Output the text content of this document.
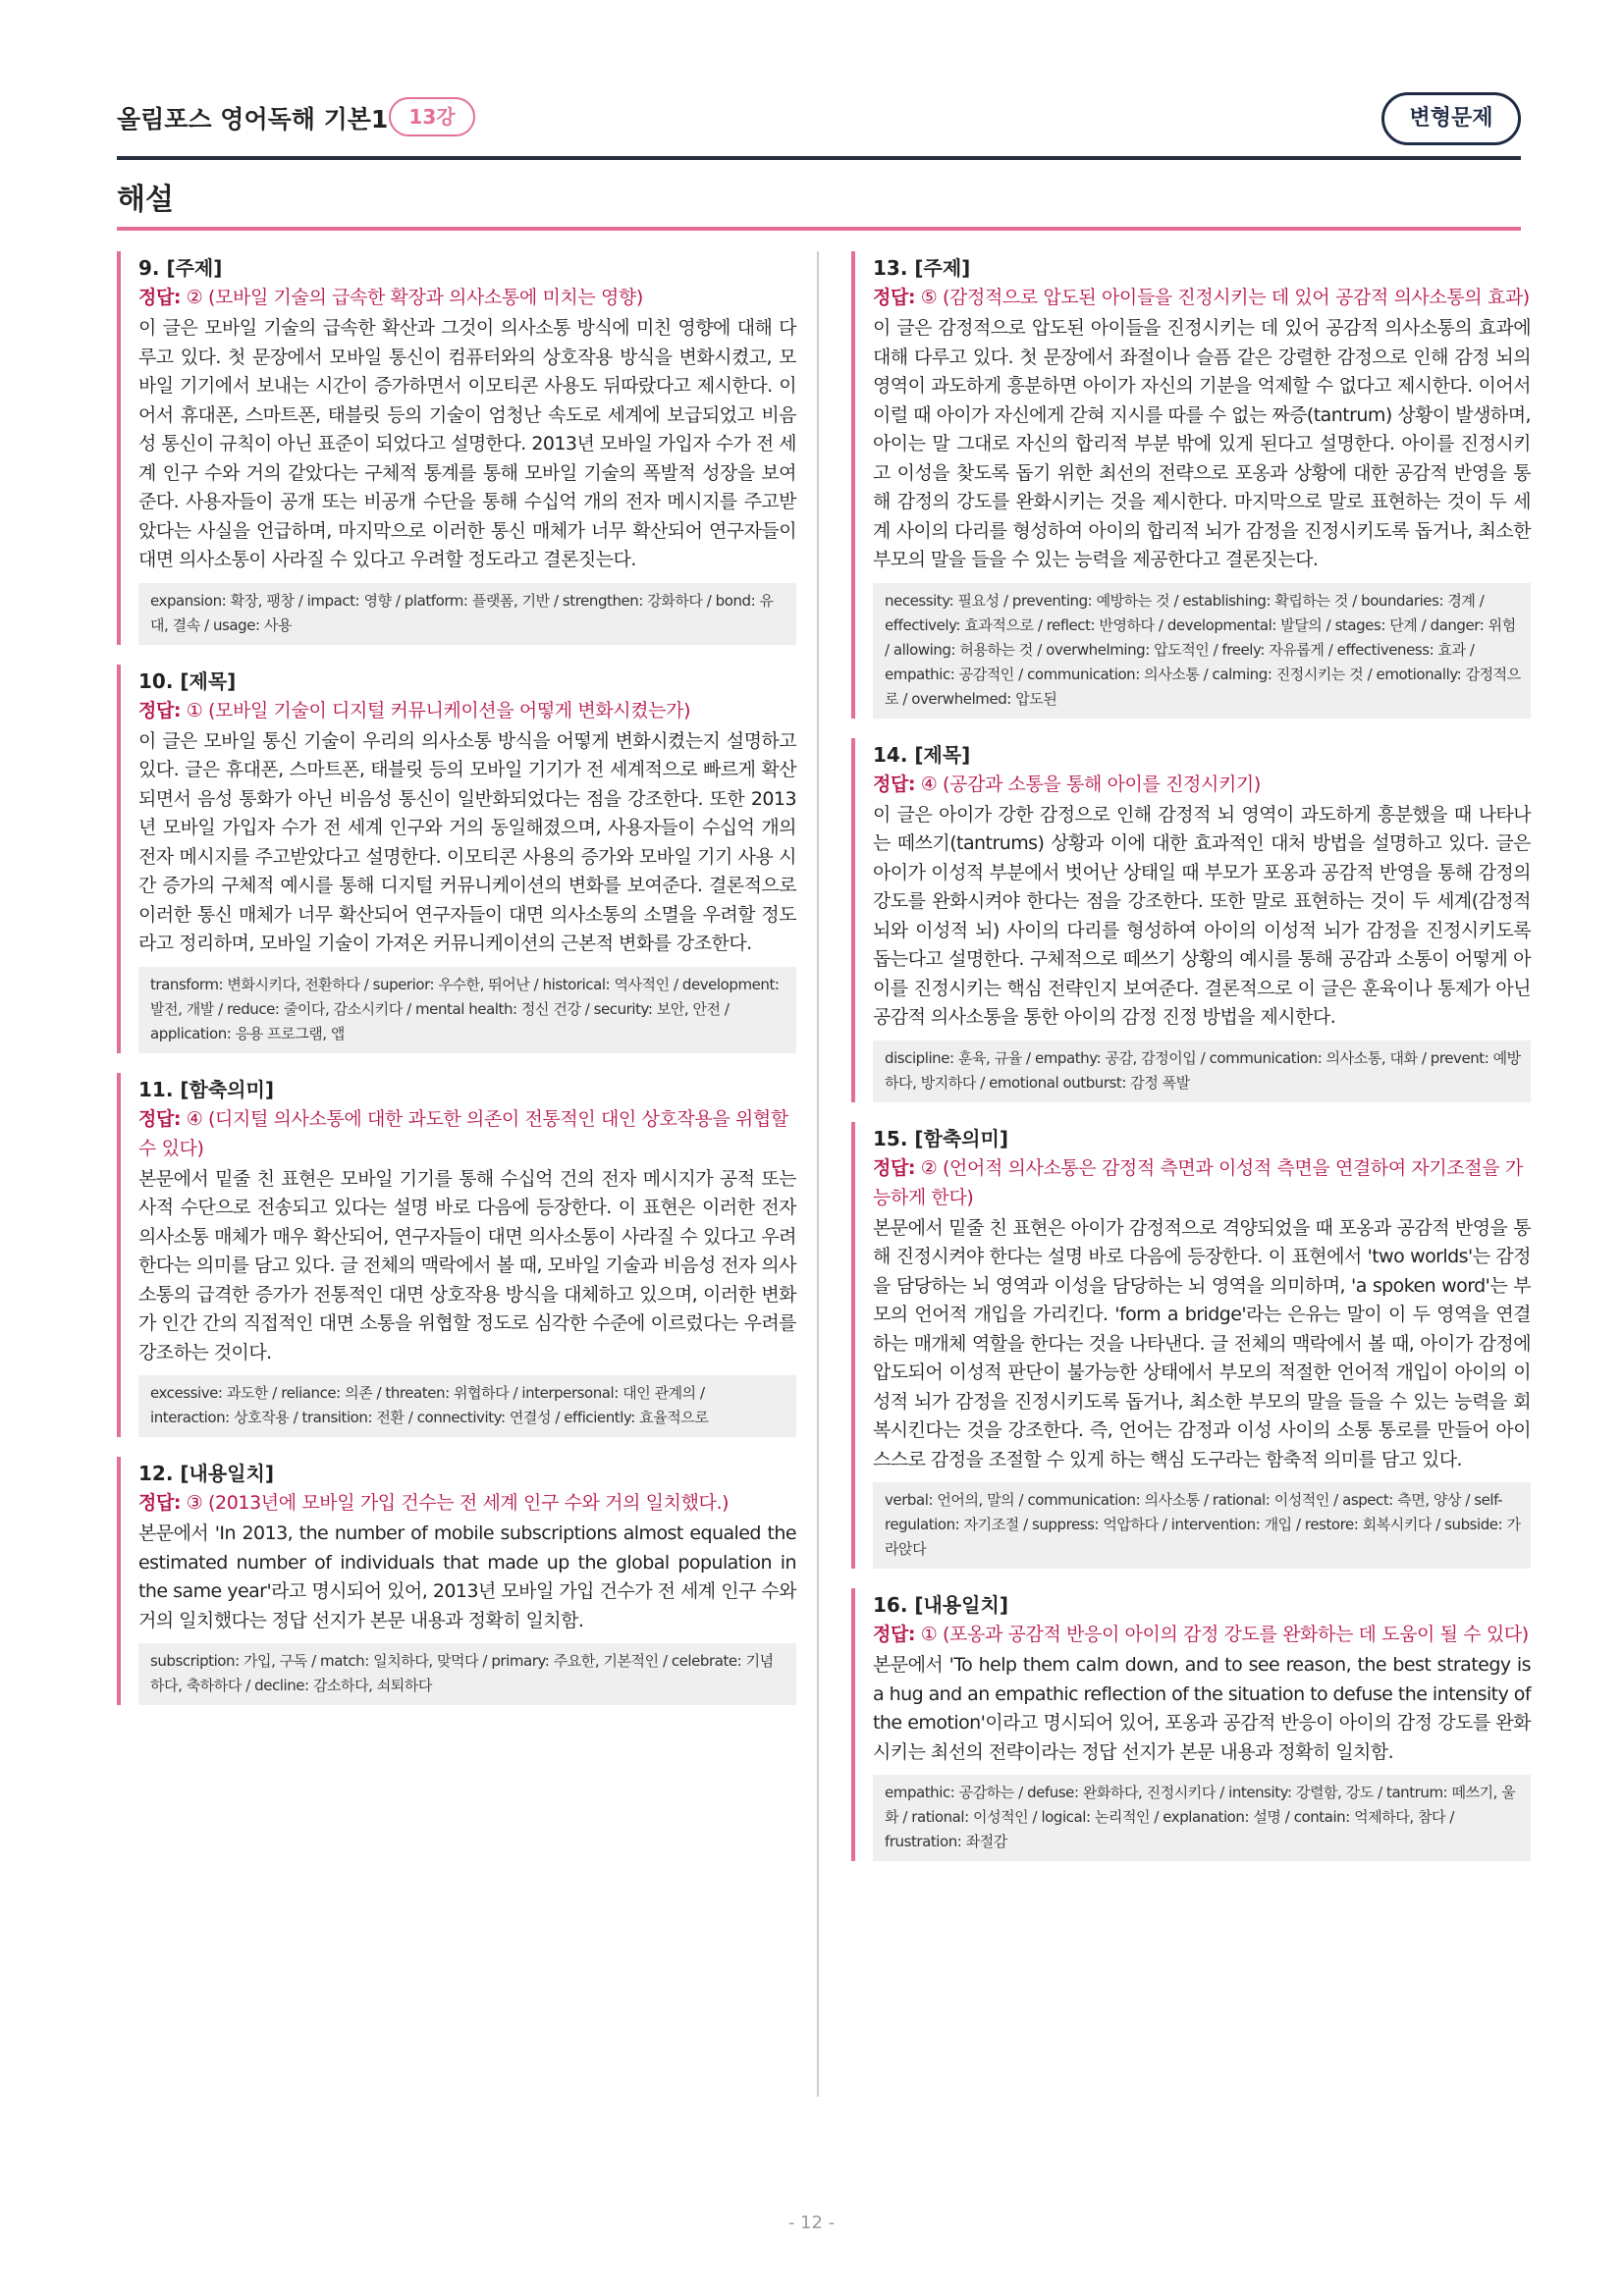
올림포스 영어독해 기본1	13강	변형문제
해설
9. [주제]
정답: ② (모바일 기술의 급속한 확장과 의사소통에 미치는 영향)
이 글은 모바일 기술의 급속한 확산과 그것이 의사소통 방식에 미친 영향에 대해 다루고 있다. 첫 문장에서 모바일 통신이 컴퓨터와의 상호작용 방식을 변화시켰고, 모바일 기기에서 보내는 시간이 증가하면서 이모티콘 사용도 뒤따랐다고 제시한다. 이어서 휴대폰, 스마트폰, 태블릿 등의 기술이 엄청난 속도로 세계에 보급되었고 비음성 통신이 규칙이 아닌 표준이 되었다고 설명한다. 2013년 모바일 가입자 수가 전 세계 인구 수와 거의 같았다는 구체적 통계를 통해 모바일 기술의 폭발적 성장을 보여준다. 사용자들이 공개 또는 비공개 수단을 통해 수십억 개의 전자 메시지를 주고받았다는 사실을 언급하며, 마지막으로 이러한 통신 매체가 너무 확산되어 연구자들이 대면 의사소통이 사라질 수 있다고 우려할 정도라고 결론짓는다.
expansion: 확장, 팽창 / impact: 영향 / platform: 플랫폼, 기반 / strengthen: 강화하다 / bond: 유대, 결속 / usage: 사용
10. [제목]
정답: ① (모바일 기술이 디지털 커뮤니케이션을 어떻게 변화시켰는가)
이 글은 모바일 통신 기술이 우리의 의사소통 방식을 어떻게 변화시켰는지 설명하고 있다. 글은 휴대폰, 스마트폰, 태블릿 등의 모바일 기기가 전 세계적으로 빠르게 확산되면서 음성 통화가 아닌 비음성 통신이 일반화되었다는 점을 강조한다. 또한 2013년 모바일 가입자 수가 전 세계 인구와 거의 동일해졌으며, 사용자들이 수십억 개의 전자 메시지를 주고받았다고 설명한다. 이모티콘 사용의 증가와 모바일 기기 사용 시간 증가의 구체적 예시를 통해 디지털 커뮤니케이션의 변화를 보여준다. 결론적으로 이러한 통신 매체가 너무 확산되어 연구자들이 대면 의사소통의 소멸을 우려할 정도라고 정리하며, 모바일 기술이 가져온 커뮤니케이션의 근본적 변화를 강조한다.
transform: 변화시키다, 전환하다 / superior: 우수한, 뛰어난 / historical: 역사적인 / development: 발전, 개발 / reduce: 줄이다, 감소시키다 / mental health: 정신 건강 / security: 보안, 안전 / application: 응용 프로그램, 앱
11. [함축의미]
정답: ④ (디지털 의사소통에 대한 과도한 의존이 전통적인 대인 상호작용을 위협할 수 있다)
본문에서 밑줄 친 표현은 모바일 기기를 통해 수십억 건의 전자 메시지가 공적 또는 사적 수단으로 전송되고 있다는 설명 바로 다음에 등장한다. 이 표현은 이러한 전자 의사소통 매체가 매우 확산되어, 연구자들이 대면 의사소통이 사라질 수 있다고 우려한다는 의미를 담고 있다. 글 전체의 맥락에서 볼 때, 모바일 기술과 비음성 전자 의사소통의 급격한 증가가 전통적인 대면 상호작용 방식을 대체하고 있으며, 이러한 변화가 인간 간의 직접적인 대면 소통을 위협할 정도로 심각한 수준에 이르렀다는 우려를 강조하는 것이다.
excessive: 과도한 / reliance: 의존 / threaten: 위협하다 / interpersonal: 대인 관계의 / interaction: 상호작용 / transition: 전환 / connectivity: 연결성 / efficiently: 효율적으로
12. [내용일치]
정답: ③ (2013년에 모바일 가입 건수는 전 세계 인구 수와 거의 일치했다.)
본문에서 'In 2013, the number of mobile subscriptions almost equaled the estimated number of individuals that made up the global population in the same year'라고 명시되어 있어, 2013년 모바일 가입 건수가 전 세계 인구 수와 거의 일치했다는 정답 선지가 본문 내용과 정확히 일치함.
subscription: 가입, 구독 / match: 일치하다, 맞먹다 / primary: 주요한, 기본적인 / celebrate: 기념하다, 축하하다 / decline: 감소하다, 쇠퇴하다
13. [주제]
정답: ⑤ (감정적으로 압도된 아이들을 진정시키는 데 있어 공감적 의사소통의 효과)
이 글은 감정적으로 압도된 아이들을 진정시키는 데 있어 공감적 의사소통의 효과에 대해 다루고 있다. 첫 문장에서 좌절이나 슬픔 같은 강렬한 감정으로 인해 감정 뇌의 영역이 과도하게 흥분하면 아이가 자신의 기분을 억제할 수 없다고 제시한다. 이어서 이럴 때 아이가 자신에게 갇혀 지시를 따를 수 없는 짜증(tantrum) 상황이 발생하며, 아이는 말 그대로 자신의 합리적 부분 밖에 있게 된다고 설명한다. 아이를 진정시키고 이성을 찾도록 돕기 위한 최선의 전략으로 포옹과 상황에 대한 공감적 반영을 통해 감정의 강도를 완화시키는 것을 제시한다. 마지막으로 말로 표현하는 것이 두 세계 사이의 다리를 형성하여 아이의 합리적 뇌가 감정을 진정시키도록 돕거나, 최소한 부모의 말을 들을 수 있는 능력을 제공한다고 결론짓는다.
necessity: 필요성 / preventing: 예방하는 것 / establishing: 확립하는 것 / boundaries: 경계 / effectively: 효과적으로 / reflect: 반영하다 / developmental: 발달의 / stages: 단계 / danger: 위험 / allowing: 허용하는 것 / overwhelming: 압도적인 / freely: 자유롭게 / effectiveness: 효과 / empathic: 공감적인 / communication: 의사소통 / calming: 진정시키는 것 / emotionally: 감정적으로 / overwhelmed: 압도된
14. [제목]
정답: ④ (공감과 소통을 통해 아이를 진정시키기)
이 글은 아이가 강한 감정으로 인해 감정적 뇌 영역이 과도하게 흥분했을 때 나타나는 떼쓰기(tantrums) 상황과 이에 대한 효과적인 대처 방법을 설명하고 있다. 글은 아이가 이성적 부분에서 벗어난 상태일 때 부모가 포옹과 공감적 반영을 통해 감정의 강도를 완화시켜야 한다는 점을 강조한다. 또한 말로 표현하는 것이 두 세계(감정적 뇌와 이성적 뇌) 사이의 다리를 형성하여 아이의 이성적 뇌가 감정을 진정시키도록 돕는다고 설명한다. 구체적으로 떼쓰기 상황의 예시를 통해 공감과 소통이 어떻게 아이를 진정시키는 핵심 전략인지 보여준다. 결론적으로 이 글은 훈육이나 통제가 아닌 공감적 의사소통을 통한 아이의 감정 진정 방법을 제시한다.
discipline: 훈육, 규율 / empathy: 공감, 감정이입 / communication: 의사소통, 대화 / prevent: 예방하다, 방지하다 / emotional outburst: 감정 폭발
15. [함축의미]
정답: ② (언어적 의사소통은 감정적 측면과 이성적 측면을 연결하여 자기조절을 가능하게 한다)
본문에서 밑줄 친 표현은 아이가 감정적으로 격양되었을 때 포옹과 공감적 반영을 통해 진정시켜야 한다는 설명 바로 다음에 등장한다. 이 표현에서 'two worlds'는 감정을 담당하는 뇌 영역과 이성을 담당하는 뇌 영역을 의미하며, 'a spoken word'는 부모의 언어적 개입을 가리킨다. 'form a bridge'라는 은유는 말이 이 두 영역을 연결하는 매개체 역할을 한다는 것을 나타낸다. 글 전체의 맥락에서 볼 때, 아이가 감정에 압도되어 이성적 판단이 불가능한 상태에서 부모의 적절한 언어적 개입이 아이의 이성적 뇌가 감정을 진정시키도록 돕거나, 최소한 부모의 말을 들을 수 있는 능력을 회복시킨다는 것을 강조한다. 즉, 언어는 감정과 이성 사이의 소통 통로를 만들어 아이 스스로 감정을 조절할 수 있게 하는 핵심 도구라는 함축적 의미를 담고 있다.
verbal: 언어의, 말의 / communication: 의사소통 / rational: 이성적인 / aspect: 측면, 양상 / self-regulation: 자기조절 / suppress: 억압하다 / intervention: 개입 / restore: 회복시키다 / subside: 가라앉다
16. [내용일치]
정답: ① (포옹과 공감적 반응이 아이의 감정 강도를 완화하는 데 도움이 될 수 있다)
본문에서 'To help them calm down, and to see reason, the best strategy is a hug and an empathic reflection of the situation to defuse the intensity of the emotion'이라고 명시되어 있어, 포옹과 공감적 반응이 아이의 감정 강도를 완화시키는 최선의 전략이라는 정답 선지가 본문 내용과 정확히 일치함.
empathic: 공감하는 / defuse: 완화하다, 진정시키다 / intensity: 강렬함, 강도 / tantrum: 떼쓰기, 울화 / rational: 이성적인 / logical: 논리적인 / explanation: 설명 / contain: 억제하다, 참다 / frustration: 좌절감
- 12 -
